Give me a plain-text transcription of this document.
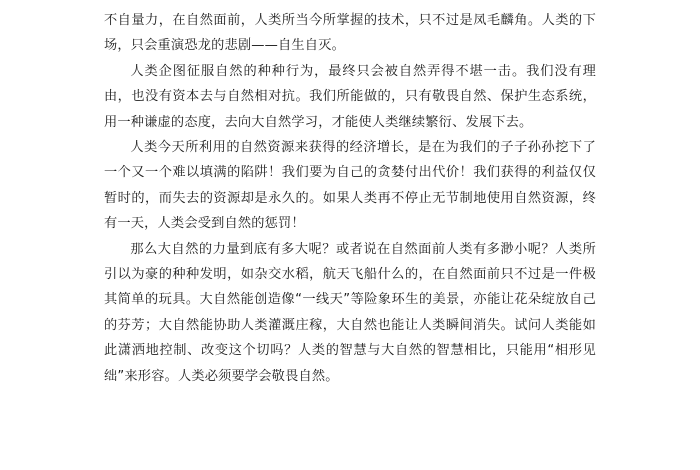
不自量力，在自然面前，人类所当今所掌握的技术，只不过是凤毛麟角。人类的下场，只会重演恐龙的悲剧——自生自灭。

人类企图征服自然的种种行为，最终只会被自然弄得不堪一击。我们没有理由，也没有资本去与自然相对抗。我们所能做的，只有敬畏自然、保护生态系统，用一种谦虚的态度，去向大自然学习，才能使人类继续繁衍、发展下去。

人类今天所利用的自然资源来获得的经济增长，是在为我们的子子孙孙挖下了一个又一个难以填满的陷阱！我们要为自己的贪婪付出代价！我们获得的利益仅仅暂时的，而失去的资源却是永久的。如果人类再不停止无节制地使用自然资源，终有一天，人类会受到自然的惩罚！

那么大自然的力量到底有多大呢？或者说在自然面前人类有多渺小呢？人类所引以为豪的种种发明，如杂交水稻，航天飞船什么的，在自然面前只不过是一件极其简单的玩具。大自然能创造像“一线天”等险象环生的美景，亦能让花朵绽放自己的芬芳；大自然能协助人类灌溉庄稼，大自然也能让人类瞬间消失。试问人类能如此潇洒地控制、改变这个切吗？人类的智慧与大自然的智慧相比，只能用“相形见绌”来形容。人类必须要学会敬畏自然。
